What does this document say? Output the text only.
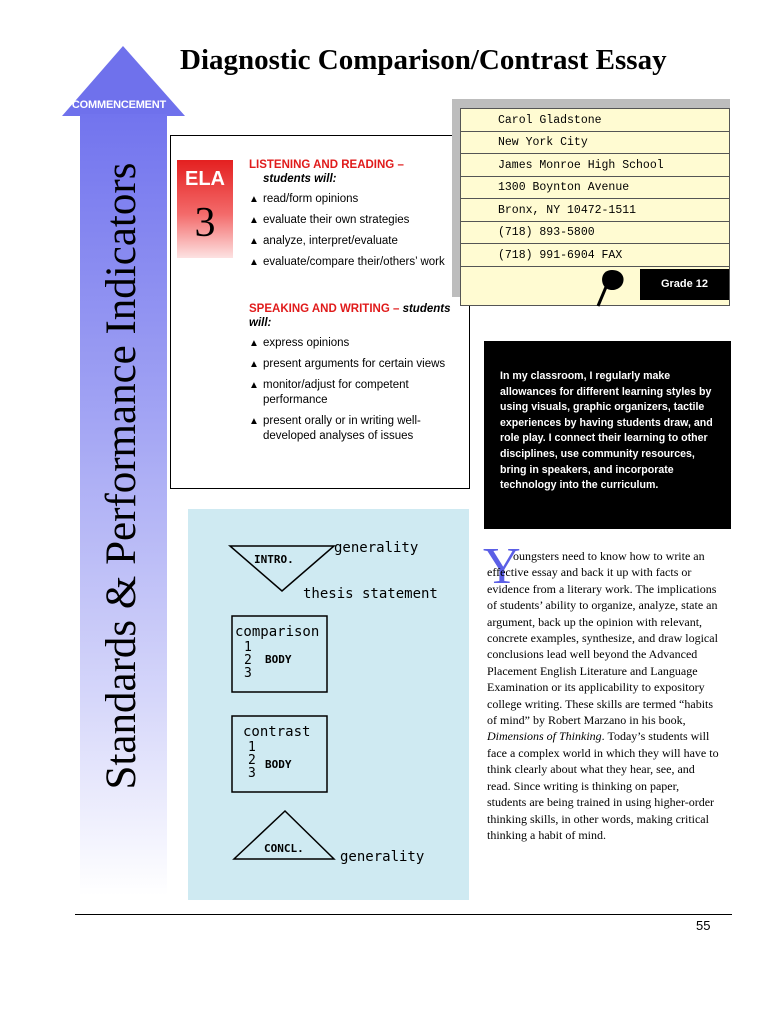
COMMENCEMENT
Standards & Performance Indicators
Diagnostic Comparison/Contrast Essay
ELA
3
LISTENING AND READING –
students will:
▲ read/form opinions
▲ evaluate their own strategies
▲ analyze, interpret/evaluate
▲ evaluate/compare their/others’ work
SPEAKING AND WRITING – students will:
▲ express opinions
▲ present arguments for certain views
▲ monitor/adjust for competent performance
▲ present orally or in writing well-developed analyses of issues
Carol Gladstone
New York City
James Monroe High School
1300 Boynton Avenue
Bronx, NY 10472-1511
(718) 893-5800
(718) 991-6904 FAX
Grade 12
In my classroom, I regularly make allowances for different learning styles by using visuals, graphic organizers, tactile experiences by having students draw, and role play. I connect their learning to other disciplines, use community resources, bring in speakers, and incorporate technology into the curriculum.
INTRO.
generality
thesis statement
comparison
1
2
3
BODY
contrast
1
2
3
BODY
CONCL.
generality
Y
oungsters need to know how to write an effective essay and back it up with facts or evidence from a literary work. The implications of students’ ability to organize, analyze, state an argument, back up the opinion with relevant, concrete examples, synthesize, and draw logical conclusions lead well beyond the Advanced Placement English Literature and Language Examination or its applicability to expository college writing. These skills are termed “habits of mind” by Robert Marzano in his book, Dimensions of Thinking. Today’s students will face a complex world in which they will have to think clearly about what they hear, see, and read. Since writing is thinking on paper, students are being trained in using higher-order thinking skills, in other words, making critical thinking a habit of mind.
55
